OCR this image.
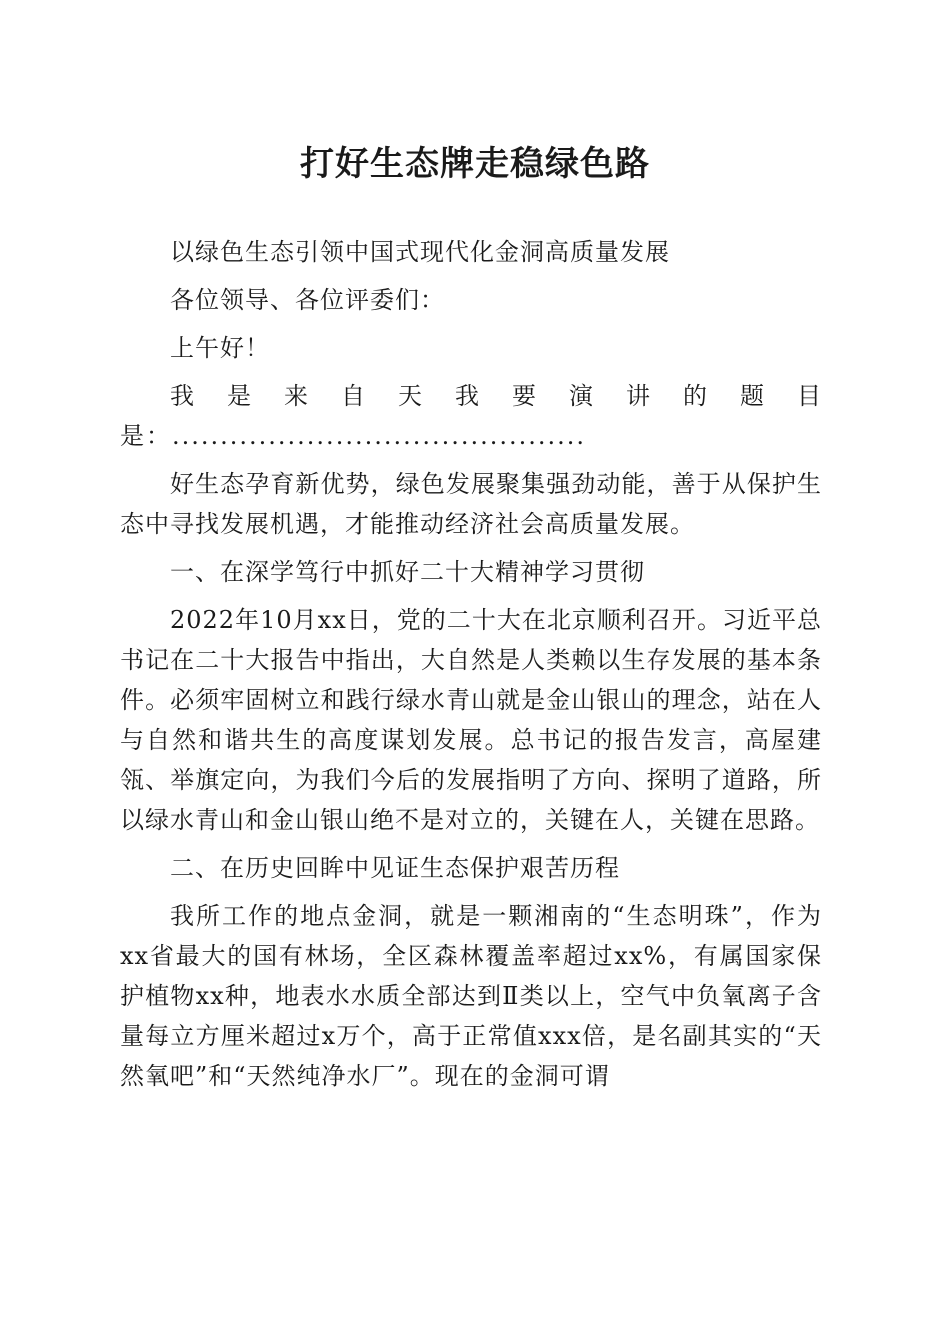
打好生态牌走稳绿色路

以绿色生态引领中国式现代化金洞高质量发展

各位领导、各位评委们：

上午好！

我 是 来 自 天 我 要 演 讲 的 题 目

是：...........................................

好生态孕育新优势，绿色发展聚集强劲动能，善于从保护生态中寻找发展机遇，才能推动经济社会高质量发展。

一、在深学笃行中抓好二十大精神学习贯彻

2022年10月xx日，党的二十大在北京顺利召开。习近平总书记在二十大报告中指出，大自然是人类赖以生存发展的基本条件。必须牢固树立和践行绿水青山就是金山银山的理念，站在人与自然和谐共生的高度谋划发展。总书记的报告发言，高屋建瓴、举旗定向，为我们今后的发展指明了方向、探明了道路，所以绿水青山和金山银山绝不是对立的，关键在人，关键在思路。

二、在历史回眸中见证生态保护艰苦历程

我所工作的地点金洞，就是一颗湘南的“生态明珠”，作为xx省最大的国有林场，全区森林覆盖率超过xx%，有属国家保护植物xx种，地表水水质全部达到Ⅱ类以上，空气中负氧离子含量每立方厘米超过x万个，高于正常值xxx倍，是名副其实的“天然氧吧”和“天然纯净水厂”。现在的金洞可谓
